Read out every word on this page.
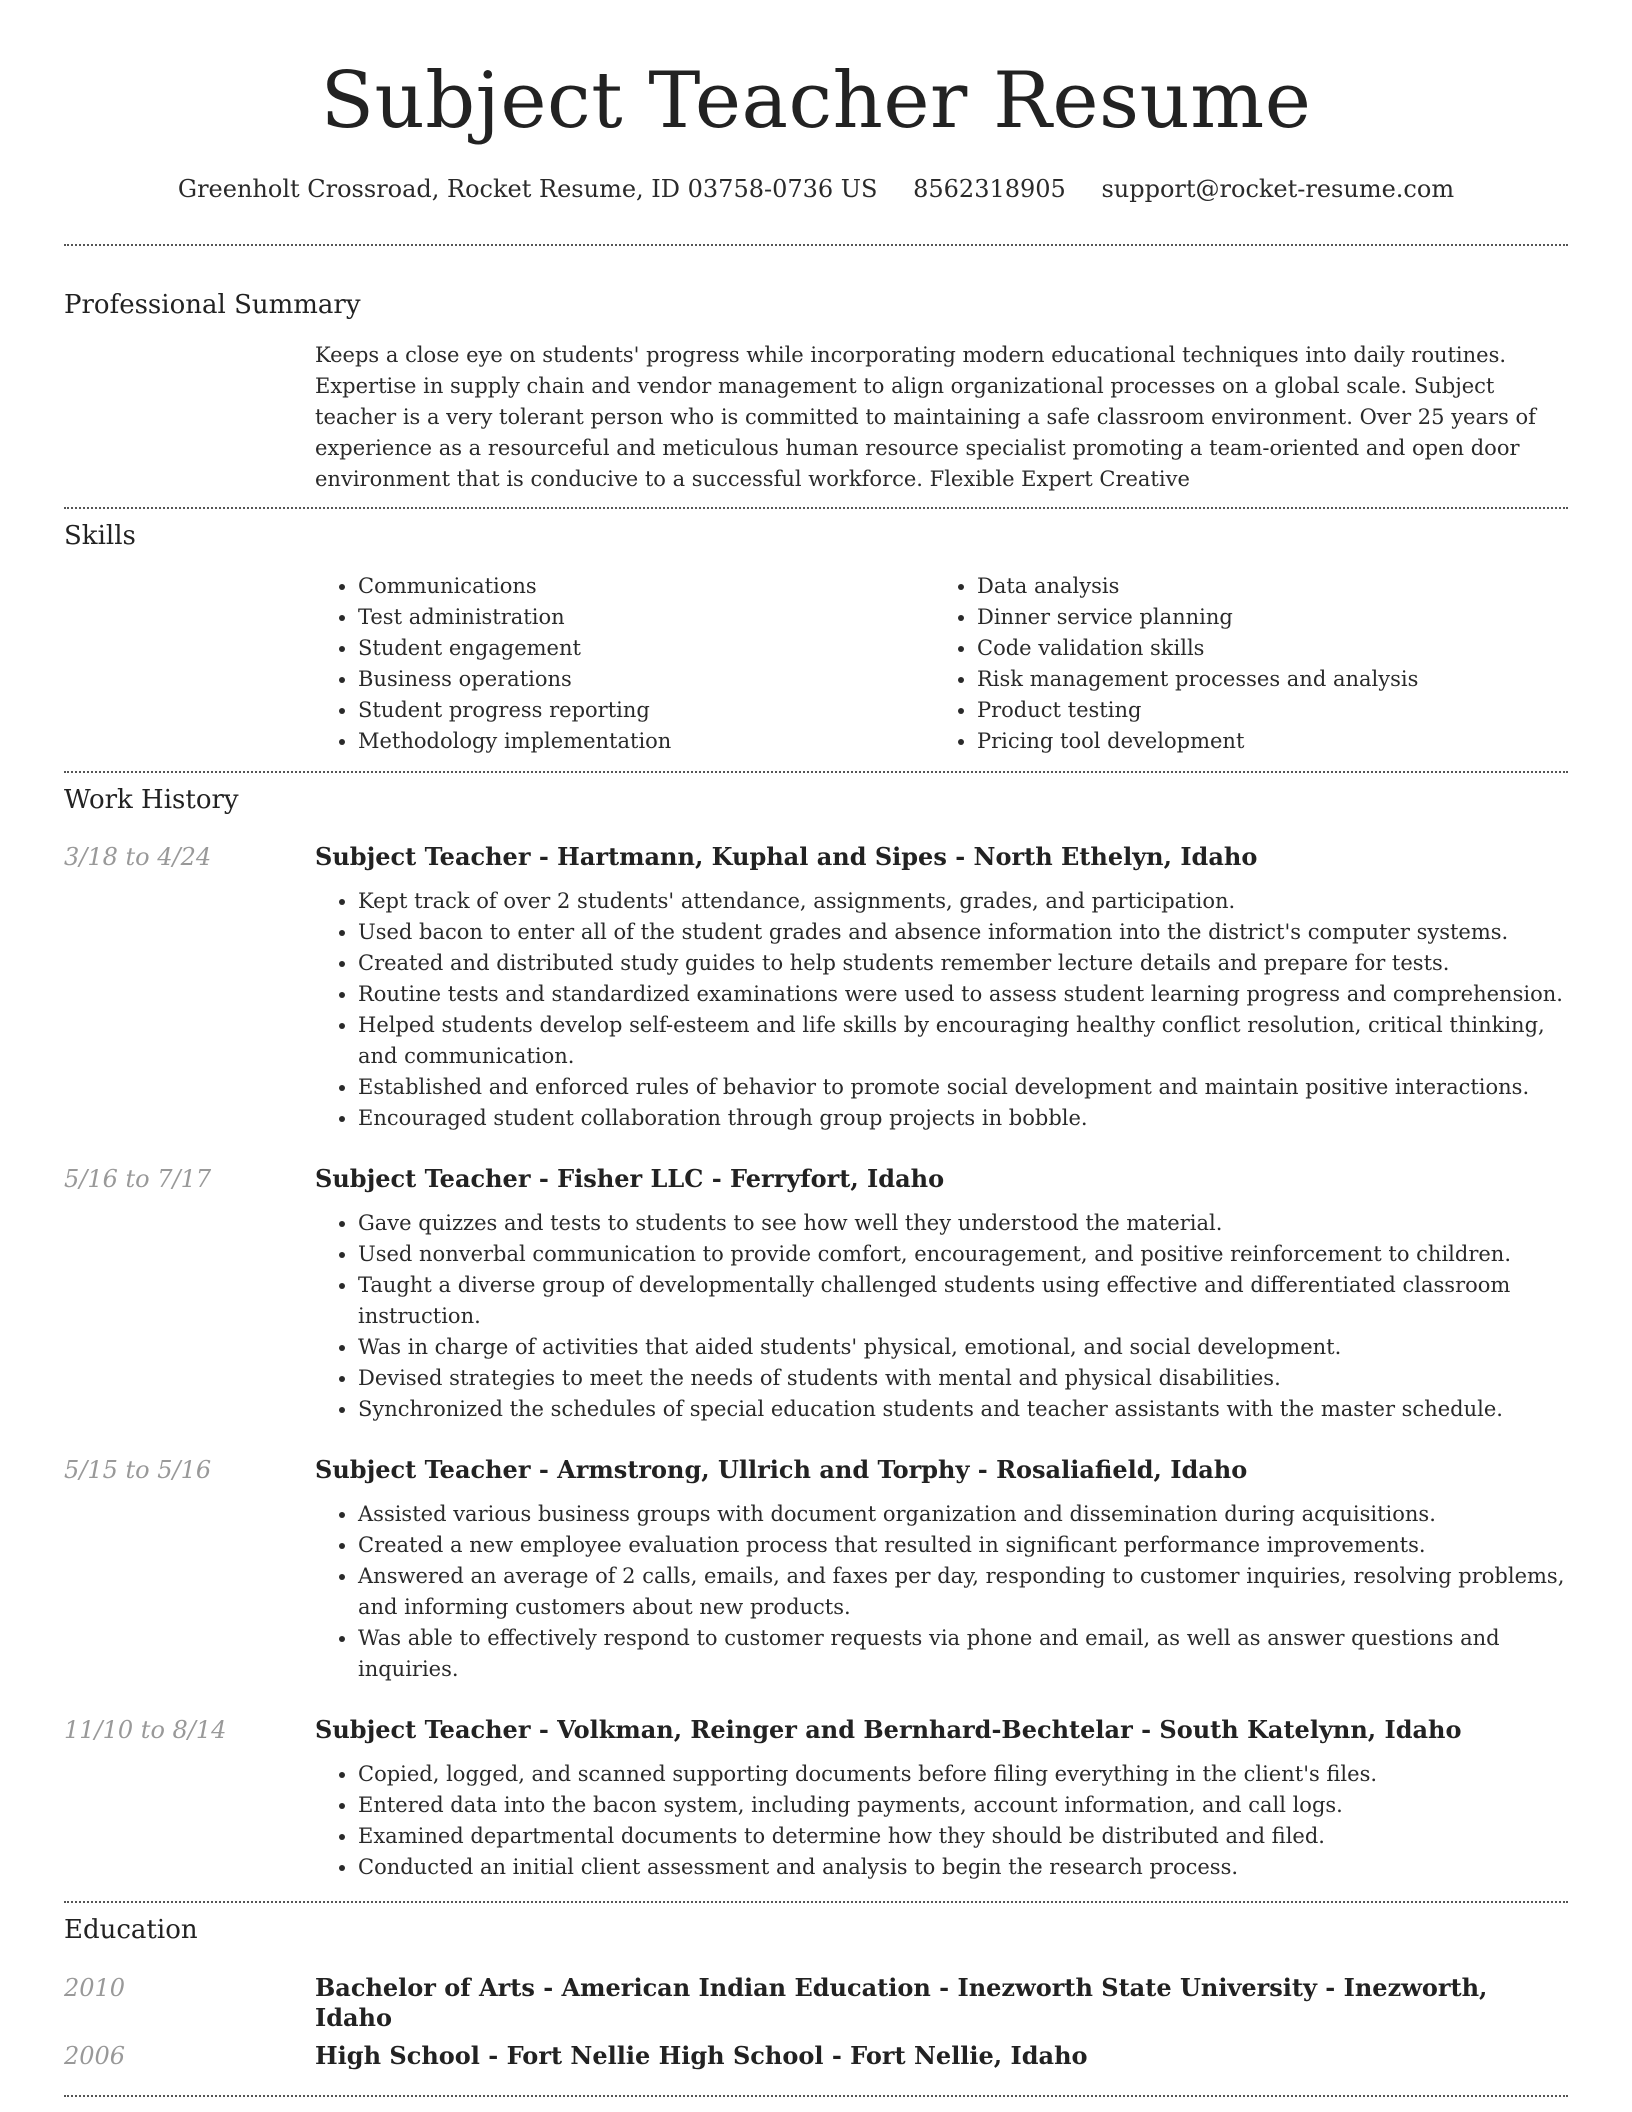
Subject Teacher Resume
Greenholt Crossroad, Rocket Resume, ID 03758-0736 US 8562318905 support@rocket-resume.com
Professional Summary

Keeps a close eye on students' progress while incorporating modern educational techniques into daily routines. Expertise in supply chain and vendor management to align organizational processes on a global scale. Subject teacher is a very tolerant person who is committed to maintaining a safe classroom environment. Over 25 years of experience as a resourceful and meticulous human resource specialist promoting a team-oriented and open door environment that is conducive to a successful workforce. Flexible Expert Creative

Skills
• Communications
• Test administration
• Student engagement
• Business operations
• Student progress reporting
• Methodology implementation
• Data analysis
• Dinner service planning
• Code validation skills
• Risk management processes and analysis
• Product testing
• Pricing tool development
Work History
3/18 to 4/24	Subject Teacher - Hartmann, Kuphal and Sipes - North Ethelyn, Idaho
• Kept track of over 2 students' attendance, assignments, grades, and participation.
• Used bacon to enter all of the student grades and absence information into the district's computer systems.
• Created and distributed study guides to help students remember lecture details and prepare for tests.
• Routine tests and standardized examinations were used to assess student learning progress and comprehension.
• Helped students develop self-esteem and life skills by encouraging healthy conflict resolution, critical thinking, and communication.
• Established and enforced rules of behavior to promote social development and maintain positive interactions.
• Encouraged student collaboration through group projects in bobble.
5/16 to 7/17	Subject Teacher - Fisher LLC - Ferryfort, Idaho
• Gave quizzes and tests to students to see how well they understood the material.
• Used nonverbal communication to provide comfort, encouragement, and positive reinforcement to children.
• Taught a diverse group of developmentally challenged students using effective and differentiated classroom instruction.
• Was in charge of activities that aided students' physical, emotional, and social development.
• Devised strategies to meet the needs of students with mental and physical disabilities.
• Synchronized the schedules of special education students and teacher assistants with the master schedule.
5/15 to 5/16	Subject Teacher - Armstrong, Ullrich and Torphy - Rosaliafield, Idaho
• Assisted various business groups with document organization and dissemination during acquisitions.
• Created a new employee evaluation process that resulted in significant performance improvements.
• Answered an average of 2 calls, emails, and faxes per day, responding to customer inquiries, resolving problems, and informing customers about new products.
• Was able to effectively respond to customer requests via phone and email, as well as answer questions and inquiries.
11/10 to 8/14	Subject Teacher - Volkman, Reinger and Bernhard-Bechtelar - South Katelynn, Idaho
• Copied, logged, and scanned supporting documents before filing everything in the client's files.
• Entered data into the bacon system, including payments, account information, and call logs.
• Examined departmental documents to determine how they should be distributed and filed.
• Conducted an initial client assessment and analysis to begin the research process.
Education
2010	Bachelor of Arts - American Indian Education - Inezworth State University - Inezworth, Idaho
2006	High School - Fort Nellie High School - Fort Nellie, Idaho
